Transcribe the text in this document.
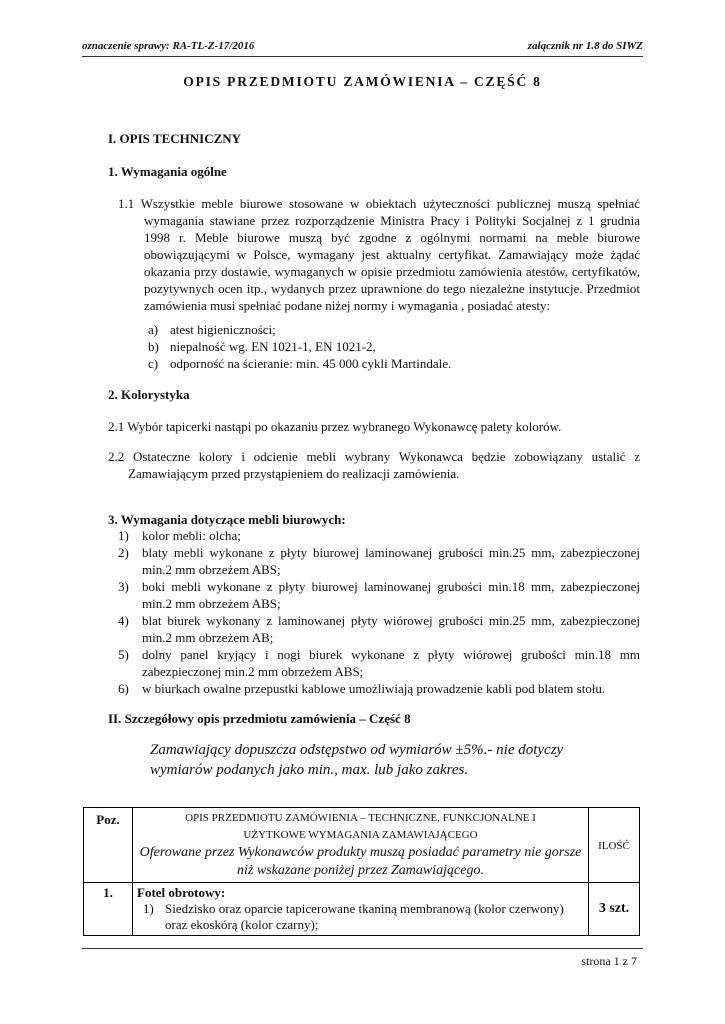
oznaczenie sprawy: RA-TL-Z-17/2016	załącznik nr 1.8 do SIWZ
OPIS PRZEDMIOTU ZAMÓWIENIA – CZĘŚĆ 8
I. OPIS TECHNICZNY
1. Wymagania ogólne
1.1 Wszystkie meble biurowe stosowane w obiektach użyteczności publicznej muszą spełniać wymagania stawiane przez rozporządzenie Ministra Pracy i Polityki Socjalnej z 1 grudnia 1998 r. Meble biurowe muszą być zgodne z ogólnymi normami na meble biurowe obowiązującymi w Polsce, wymagany jest aktualny certyfikat. Zamawiający może żądać okazania przy dostawie, wymaganych w opisie przedmiotu zamówienia atestów, certyfikatów, pozytywnych ocen itp., wydanych przez uprawnione do tego niezależne instytucje. Przedmiot zamówienia musi spełniać podane niżej normy i wymagania , posiadać atesty:
a) atest higieniczności;
b) niepalność wg. EN 1021-1, EN 1021-2,
c) odporność na ścieranie: min. 45 000 cykli Martindale.
2. Kolorystyka
2.1 Wybór tapicerki nastąpi po okazaniu przez wybranego Wykonawcę palety kolorów.
2.2 Ostateczne kolory i odcienie mebli wybrany Wykonawca będzie zobowiązany ustalić z Zamawiającym przed przystąpieniem do realizacji zamówienia.
3. Wymagania dotyczące mebli biurowych:
1)	kolor mebli: olcha;
2)	blaty mebli wykonane z płyty biurowej laminowanej grubości min.25 mm, zabezpieczonej min.2 mm obrzeżem ABS;
3)	boki mebli wykonane z płyty biurowej laminowanej grubości min.18 mm, zabezpieczonej min.2 mm obrzeżem ABS;
4)	blat biurek wykonany z laminowanej płyty wiórowej grubości min.25 mm, zabezpieczonej min.2 mm obrzeżem AB;
5)	dolny panel kryjący i nogi biurek wykonane z płyty wiórowej grubości min.18 mm zabezpieczonej min.2 mm obrzeżem ABS;
6)	w biurkach owalne przepustki kablowe umożliwiają prowadzenie kabli pod blatem stołu.
II. Szczegółowy opis przedmiotu zamówienia – Część 8
Zamawiający dopuszcza odstępstwo od wymiarów ±5%.- nie dotyczy wymiarów podanych jako min., max. lub jako zakres.
Poz.	OPIS PRZEDMIOTU ZAMÓWIENIA – TECHNICZNE, FUNKCJONALNE I
UŻYTKOWE WYMAGANIA ZAMAWIAJĄCEGO
Oferowane przez Wykonawców produkty muszą posiadać parametry nie gorsze niż wskazane poniżej przez Zamawiającego.	ILOŚĆ
1.	Fotel obrotowy:
1) Siedzisko oraz oparcie tapicerowane tkaniną membranową (kolor czerwony) oraz ekoskórą (kolor czarny);	3 szt.
strona 1 z 7
